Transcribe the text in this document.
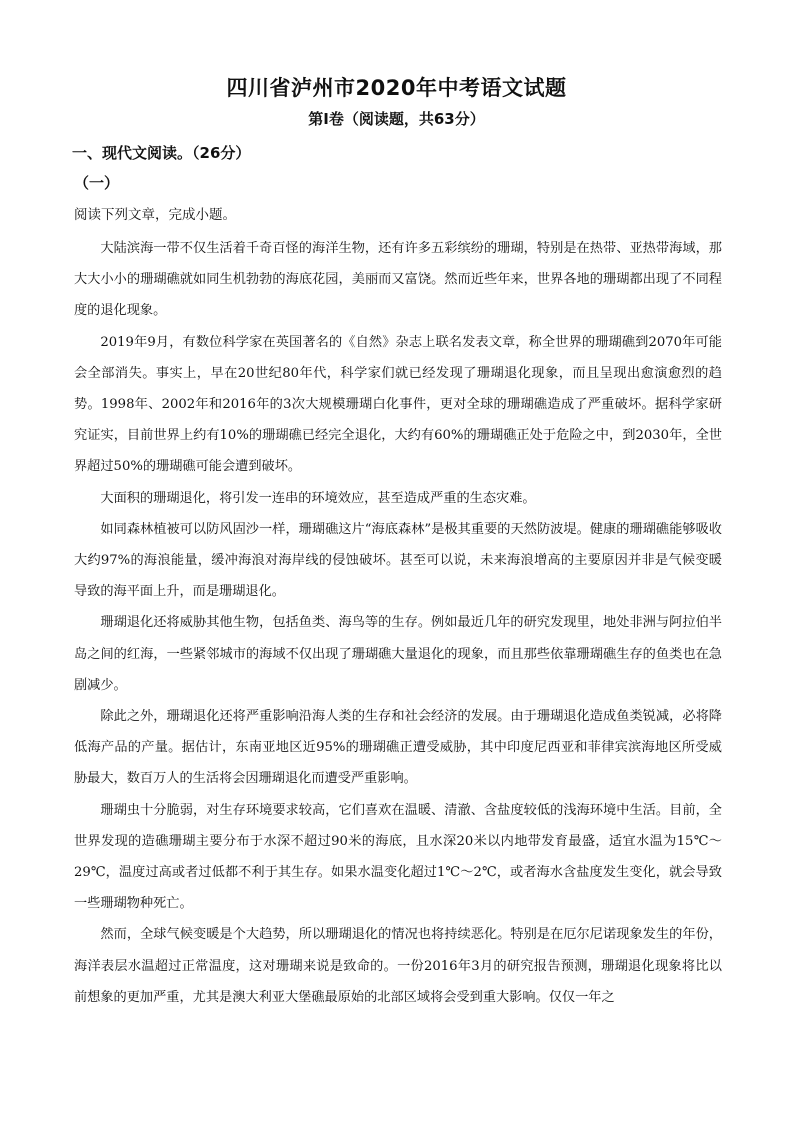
四川省泸州市2020年中考语文试题
第Ⅰ卷（阅读题，共63分）
一、现代文阅读。（26分）
（一）
阅读下列文章，完成小题。

大陆滨海一带不仅生活着千奇百怪的海洋生物，还有许多五彩缤纷的珊瑚，特别是在热带、亚热带海域，那大大小小的珊瑚礁就如同生机勃勃的海底花园，美丽而又富饶。然而近些年来，世界各地的珊瑚都出现了不同程度的退化现象。

2019年9月，有数位科学家在英国著名的《自然》杂志上联名发表文章，称全世界的珊瑚礁到2070年可能会全部消失。事实上，早在20世纪80年代，科学家们就已经发现了珊瑚退化现象，而且呈现出愈演愈烈的趋势。1998年、2002年和2016年的3次大规模珊瑚白化事件，更对全球的珊瑚礁造成了严重破坏。据科学家研究证实，目前世界上约有10%的珊瑚礁已经完全退化，大约有60%的珊瑚礁正处于危险之中，到2030年，全世界超过50%的珊瑚礁可能会遭到破坏。

大面积的珊瑚退化，将引发一连串的环境效应，甚至造成严重的生态灾难。

如同森林植被可以防风固沙一样，珊瑚礁这片“海底森林”是极其重要的天然防波堤。健康的珊瑚礁能够吸收大约97%的海浪能量，缓冲海浪对海岸线的侵蚀破坏。甚至可以说，未来海浪增高的主要原因并非是气候变暖导致的海平面上升，而是珊瑚退化。

珊瑚退化还将威胁其他生物，包括鱼类、海鸟等的生存。例如最近几年的研究发现里，地处非洲与阿拉伯半岛之间的红海，一些紧邻城市的海域不仅出现了珊瑚礁大量退化的现象，而且那些依靠珊瑚礁生存的鱼类也在急剧减少。

除此之外，珊瑚退化还将严重影响沿海人类的生存和社会经济的发展。由于珊瑚退化造成鱼类锐减，必将降低海产品的产量。据估计，东南亚地区近95%的珊瑚礁正遭受威胁，其中印度尼西亚和菲律宾滨海地区所受威胁最大，数百万人的生活将会因珊瑚退化而遭受严重影响。

珊瑚虫十分脆弱，对生存环境要求较高，它们喜欢在温暖、清澈、含盐度较低的浅海环境中生活。目前，全世界发现的造礁珊瑚主要分布于水深不超过90米的海底，且水深20米以内地带发育最盛，适宜水温为15℃～29℃，温度过高或者过低都不利于其生存。如果水温变化超过1℃～2℃，或者海水含盐度发生变化，就会导致一些珊瑚物种死亡。

然而，全球气候变暖是个大趋势，所以珊瑚退化的情况也将持续恶化。特别是在厄尔尼诺现象发生的年份，海洋表层水温超过正常温度，这对珊瑚来说是致命的。一份2016年3月的研究报告预测，珊瑚退化现象将比以前想象的更加严重，尤其是澳大利亚大堡礁最原始的北部区域将会受到重大影响。仅仅一年之
